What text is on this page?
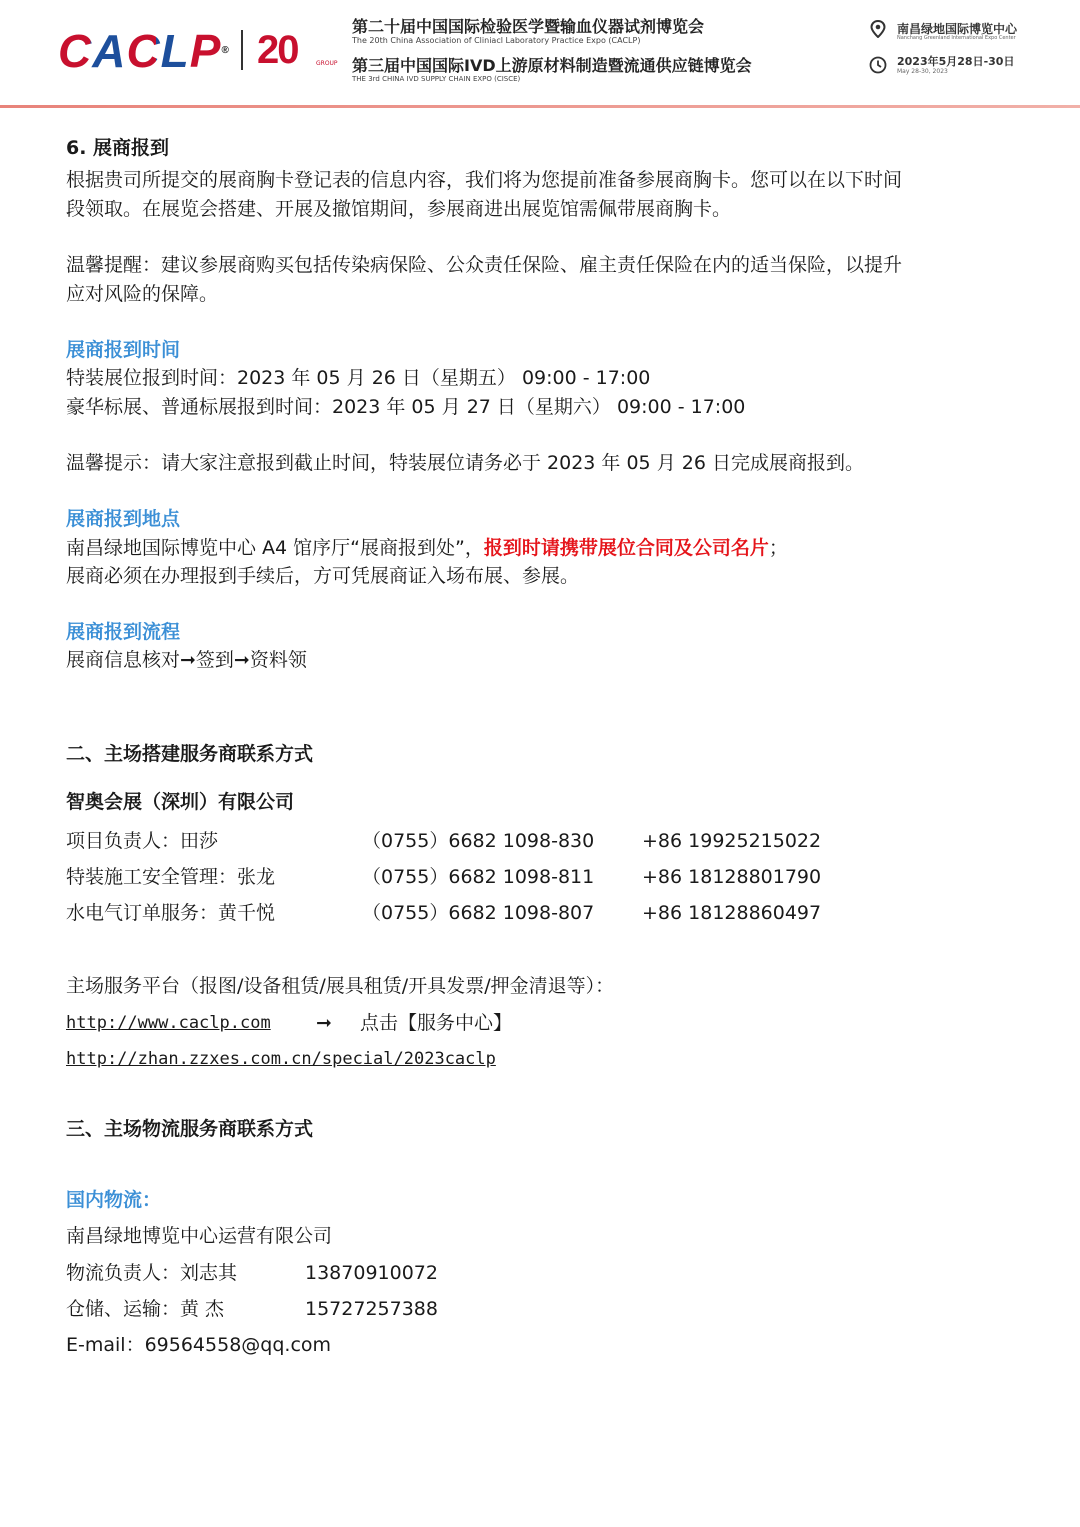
CACLP® 20	GROUP
第二十届中国国际检验医学暨输血仪器试剂博览会
The 20th China Association of Cliniacl Laboratory Practice Expo (CACLP)
第三届中国国际IVD上游原材料制造暨流通供应链博览会
THE 3rd CHINA IVD SUPPLY CHAIN EXPO (CISCE)
南昌绿地国际博览中心
Nanchang Greenland International Expo Center
2023年5月28日-30日
May 28-30, 2023
6. 展商报到
根据贵司所提交的展商胸卡登记表的信息内容，我们将为您提前准备参展商胸卡。您可以在以下时间
段领取。在展览会搭建、开展及撤馆期间，参展商进出展览馆需佩带展商胸卡。
温馨提醒：建议参展商购买包括传染病保险、公众责任保险、雇主责任保险在内的适当保险，以提升
应对风险的保障。
展商报到时间
特装展位报到时间：2023 年 05 月 26 日（星期五） 09:00 - 17:00
豪华标展、普通标展报到时间：2023 年 05 月 27 日（星期六） 09:00 - 17:00
温馨提示：请大家注意报到截止时间，特装展位请务必于 2023 年 05 月 26 日完成展商报到。
展商报到地点
南昌绿地国际博览中心 A4 馆序厅“展商报到处”，报到时请携带展位合同及公司名片；
展商必须在办理报到手续后，方可凭展商证入场布展、参展。
展商报到流程
展商信息核对➞签到➞资料领
二、主场搭建服务商联系方式
智奥会展（深圳）有限公司
项目负责人：田莎	（0755）6682 1098-830	+86 19925215022
特装施工安全管理：张龙	（0755）6682 1098-811	+86 18128801790
水电气订单服务：黄千悦	（0755）6682 1098-807	+86 18128860497
主场服务平台（报图/设备租赁/展具租赁/开具发票/押金清退等）：
http://www.caclp.com ➞ 点击【服务中心】
http://zhan.zzxes.com.cn/special/2023caclp
三、主场物流服务商联系方式
国内物流：
南昌绿地博览中心运营有限公司
物流负责人：刘志其	13870910072
仓储、运输：黄 杰	15727257388
E-mail：69564558@qq.com
